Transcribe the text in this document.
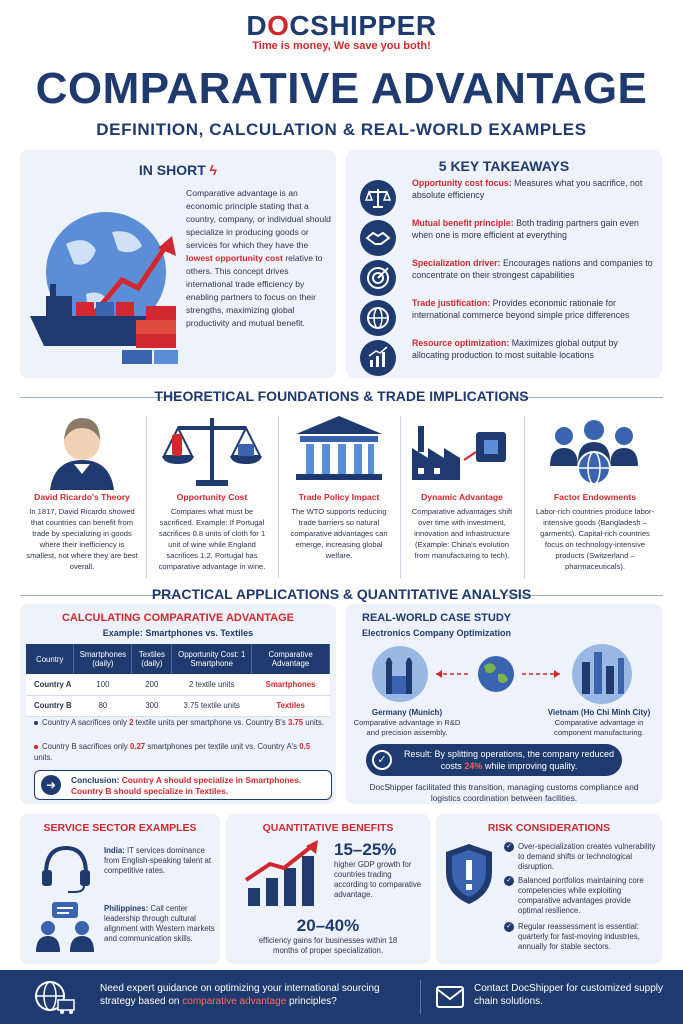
DOCSHIPPER
Time is money, We save you both!
COMPARATIVE ADVANTAGE
DEFINITION, CALCULATION & REAL-WORLD EXAMPLES
IN SHORT ϟ
Comparative advantage is an economic principle stating that a country, company, or individual should specialize in producing goods or services for which they have the lowest opportunity cost relative to others. This concept drives international trade efficiency by enabling partners to focus on their strengths, maximizing global productivity and mutual benefit.
5 KEY TAKEAWAYS
Opportunity cost focus: Measures what you sacrifice, not absolute efficiency
Mutual benefit principle: Both trading partners gain even when one is more efficient at everything
Specialization driver: Encourages nations and companies to concentrate on their strongest capabilities
Trade justification: Provides economic rationale for international commerce beyond simple price differences
Resource optimization: Maximizes global output by allocating production to most suitable locations
THEORETICAL FOUNDATIONS & TRADE IMPLICATIONS
David Ricardo's Theory
In 1817, David Ricardo showed that countries can benefit from trade by specializing in goods where their inefficiency is smallest, not where they are best overall.
Opportunity Cost
Compares what must be sacrificed. Example: If Portugal sacrifices 0.8 units of cloth for 1 unit of wine while England sacrifices 1.2, Portugal has comparative advantage in wine.
Trade Policy Impact
The WTO supports reducing trade barriers so natural comparative advantages can emerge, increasing global welfare.
Dynamic Advantage
Comparative advantages shift over time with investment, innovation and infrastructure (Example: China's evolution from manufacturing to tech).
Factor Endowments
Labor-rich countries produce labor-intensive goods (Bangladesh – garments). Capital-rich countries focus on technology-intensive products (Switzerland – pharmaceuticals).
PRACTICAL APPLICATIONS & QUANTITATIVE ANALYSIS
CALCULATING COMPARATIVE ADVANTAGE
Example: Smartphones vs. Textiles
Country	Smartphones (daily)	Textiles (daily)	Opportunity Cost: 1 Smartphone	Comparative Advantage
Country A	100	200	2 textile units	Smartphones
Country B	80	300	3.75 textile units	Textiles
Country A sacrifices only 2 textile units per smartphone vs. Country B's 3.75 units.
Country B sacrifices only 0.27 smartphones per textile unit vs. Country A's 0.5 units.
➜	Conclusion: Country A should specialize in Smartphones. Country B should specialize in Textiles.
REAL-WORLD CASE STUDY
Electronics Company Optimization
Germany (Munich)
Comparative advantage in R&D and precision assembly.
Vietnam (Ho Chi Minh City)
Comparative advantage in component manufacturing.
✓	Result: By splitting operations, the company reduced costs 24% while improving quality.
DocShipper facilitated this transition, managing customs compliance and logistics coordination between facilities.
SERVICE SECTOR EXAMPLES
India: IT services dominance from English-speaking talent at competitive rates.
Philippines: Call center leadership through cultural alignment with Western markets and communication skills.
QUANTITATIVE BENEFITS
15–25%
higher GDP growth for countries trading according to comparative advantage.
20–40%
efficiency gains for businesses within 18 months of proper specialization.
RISK CONSIDERATIONS
✓ Over-specialization creates vulnerability to demand shifts or technological disruption.
✓ Balanced portfolios maintaining core competencies while exploiting comparative advantages provide optimal resilience.
✓ Regular reassessment is essential: quarterly for fast-moving industries, annually for stable sectors.
Need expert guidance on optimizing your international sourcing strategy based on comparative advantage principles?
Contact DocShipper for customized supply chain solutions.
